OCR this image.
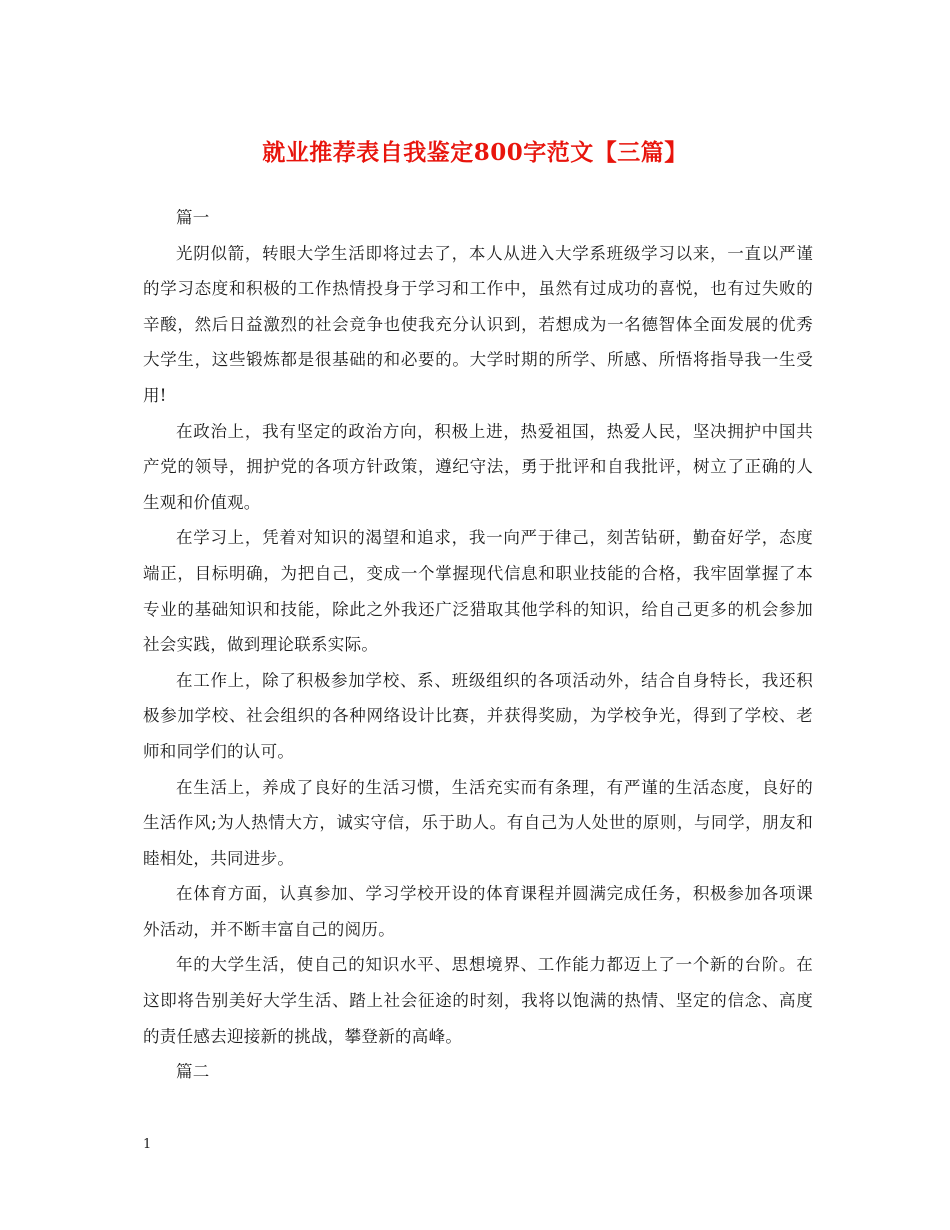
就业推荐表自我鉴定800字范文【三篇】

篇一

光阴似箭，转眼大学生活即将过去了，本人从进入大学系班级学习以来，一直以严谨的学习态度和积极的工作热情投身于学习和工作中，虽然有过成功的喜悦，也有过失败的辛酸，然后日益激烈的社会竞争也使我充分认识到，若想成为一名德智体全面发展的优秀大学生，这些锻炼都是很基础的和必要的。大学时期的所学、所感、所悟将指导我一生受用!

在政治上，我有坚定的政治方向，积极上进，热爱祖国，热爱人民，坚决拥护中国共产党的领导，拥护党的各项方针政策，遵纪守法，勇于批评和自我批评，树立了正确的人生观和价值观。

在学习上，凭着对知识的渴望和追求，我一向严于律己，刻苦钻研，勤奋好学，态度端正，目标明确，为把自己，变成一个掌握现代信息和职业技能的合格，我牢固掌握了本专业的基础知识和技能，除此之外我还广泛猎取其他学科的知识，给自己更多的机会参加社会实践，做到理论联系实际。

在工作上，除了积极参加学校、系、班级组织的各项活动外，结合自身特长，我还积极参加学校、社会组织的各种网络设计比赛，并获得奖励，为学校争光，得到了学校、老师和同学们的认可。

在生活上，养成了良好的生活习惯，生活充实而有条理，有严谨的生活态度，良好的生活作风;为人热情大方，诚实守信，乐于助人。有自己为人处世的原则，与同学，朋友和睦相处，共同进步。

在体育方面，认真参加、学习学校开设的体育课程并圆满完成任务，积极参加各项课外活动，并不断丰富自己的阅历。

年的大学生活，使自己的知识水平、思想境界、工作能力都迈上了一个新的台阶。在这即将告别美好大学生活、踏上社会征途的时刻，我将以饱满的热情、坚定的信念、高度的责任感去迎接新的挑战，攀登新的高峰。

篇二

1
